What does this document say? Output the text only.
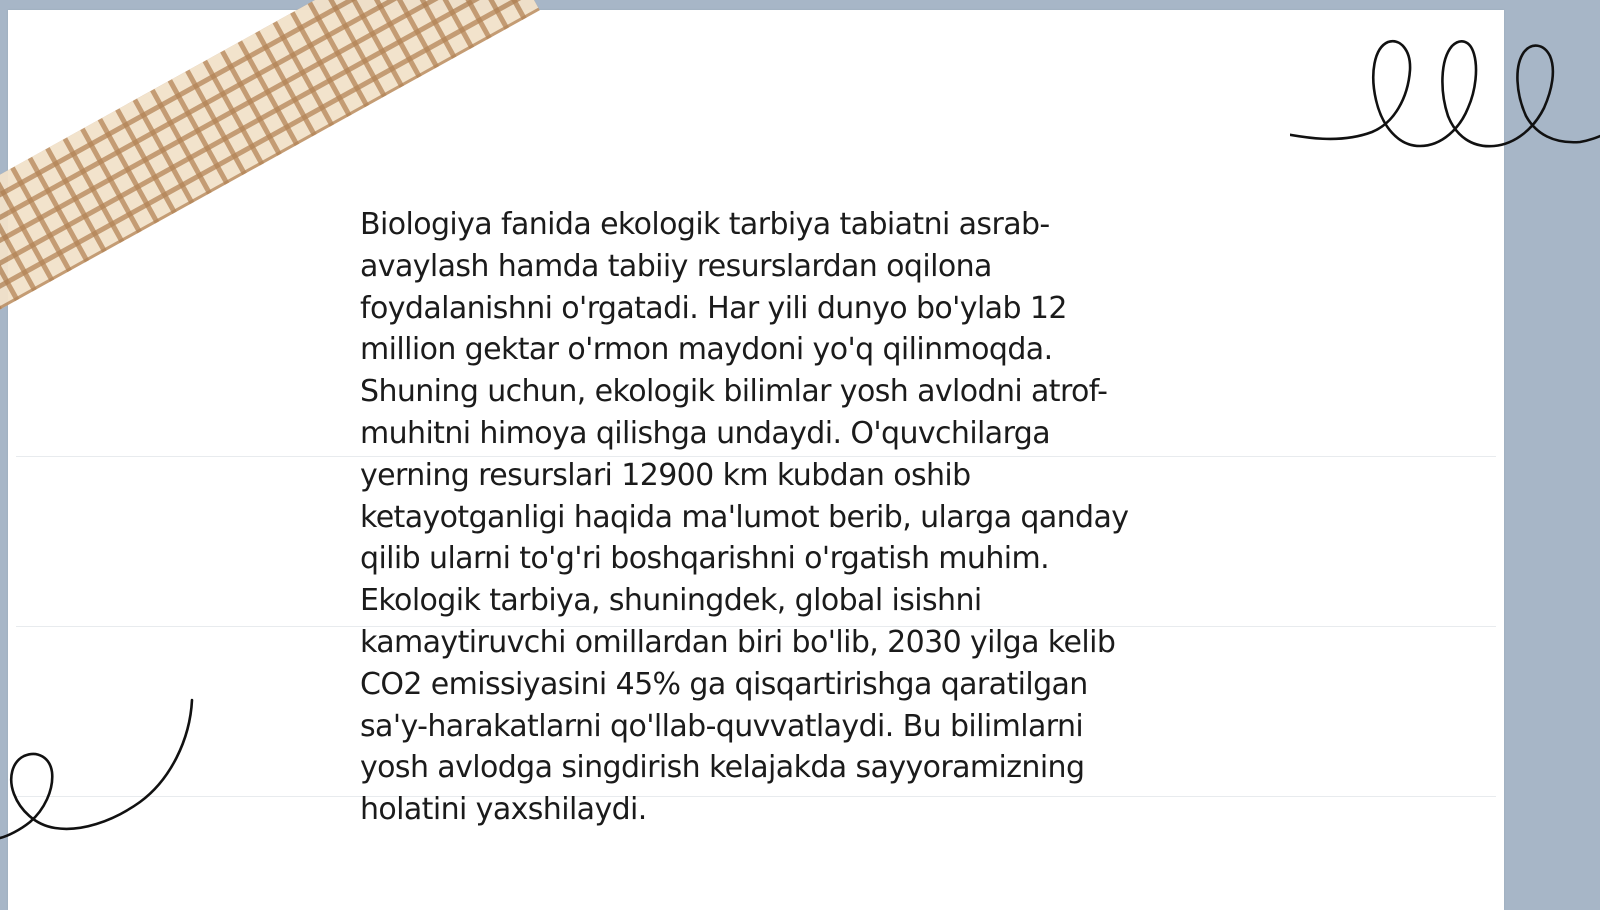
Biologiya fanida ekologik tarbiya tabiatni asrab-
avaylash hamda tabiiy resurslardan oqilona
foydalanishni o'rgatadi. Har yili dunyo bo'ylab 12
million gektar o'rmon maydoni yo'q qilinmoqda.
Shuning uchun, ekologik bilimlar yosh avlodni atrof-
muhitni himoya qilishga undaydi. O'quvchilarga
yerning resurslari 12900 km kubdan oshib
ketayotganligi haqida ma'lumot berib, ularga qanday
qilib ularni to'g'ri boshqarishni o'rgatish muhim.
Ekologik tarbiya, shuningdek, global isishni
kamaytiruvchi omillardan biri bo'lib, 2030 yilga kelib
CO2 emissiyasini 45% ga qisqartirishga qaratilgan
sa'y-harakatlarni qo'llab-quvvatlaydi. Bu bilimlarni
yosh avlodga singdirish kelajakda sayyoramizning
holatini yaxshilaydi.
